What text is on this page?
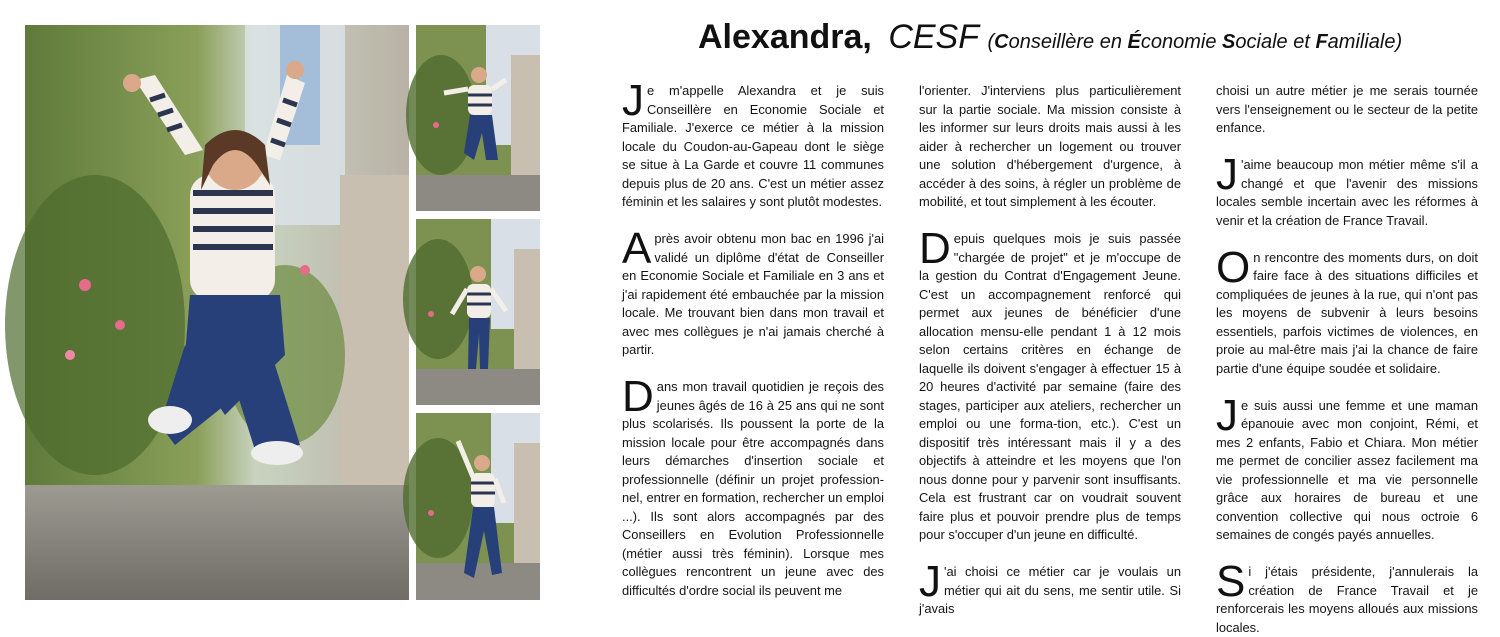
Alexandra, CESF (Conseillère en Économie Sociale et Familiale)

Je m'appelle Alexandra et je suis Conseillère en Economie Sociale et Familiale. J'exerce ce métier à la mission locale du Coudon-au-Gapeau dont le siège se situe à La Garde et couvre 11 communes depuis plus de 20 ans. C'est un métier assez féminin et les salaires y sont plutôt modestes.

Après avoir obtenu mon bac en 1996 j'ai validé un diplôme d'état de Conseiller en Economie Sociale et Familiale en 3 ans et j'ai rapidement été embauchée par la mission locale. Me trouvant bien dans mon travail et avec mes collègues je n'ai jamais cherché à partir.

Dans mon travail quotidien je reçois des jeunes âgés de 16 à 25 ans qui ne sont plus scolarisés. Ils poussent la porte de la mission locale pour être accompagnés dans leurs démarches d'insertion sociale et professionnelle (définir un projet profession-nel, entrer en formation, rechercher un emploi ...). Ils sont alors accompagnés par des Conseillers en Evolution Professionnelle (métier aussi très féminin). Lorsque mes collègues rencontrent un jeune avec des difficultés d'ordre social ils peuvent me

l'orienter. J'interviens plus particulièrement sur la partie sociale. Ma mission consiste à les informer sur leurs droits mais aussi à les aider à rechercher un logement ou trouver une solution d'hébergement d'urgence, à accéder à des soins, à régler un problème de mobilité, et tout simplement à les écouter.

Depuis quelques mois je suis passée "chargée de projet" et je m'occupe de la gestion du Contrat d'Engagement Jeune. C'est un accompagnement renforcé qui permet aux jeunes de bénéficier d'une allocation mensu-elle pendant 1 à 12 mois selon certains critères en échange de laquelle ils doivent s'engager à effectuer 15 à 20 heures d'activité par semaine (faire des stages, participer aux ateliers, rechercher un emploi ou une forma-tion, etc.). C'est un dispositif très intéressant mais il y a des objectifs à atteindre et les moyens que l'on nous donne pour y parvenir sont insuffisants. Cela est frustrant car on voudrait souvent faire plus et pouvoir prendre plus de temps pour s'occuper d'un jeune en difficulté.

J 'ai choisi ce métier car je voulais un métier qui ait du sens, me sentir utile. Si j'avais

choisi un autre métier je me serais tournée vers l'enseignement ou le secteur de la petite enfance.

J 'aime beaucoup mon métier même s'il a changé et que l'avenir des missions locales semble incertain avec les réformes à venir et la création de France Travail.

On rencontre des moments durs, on doit faire face à des situations difficiles et compliquées de jeunes à la rue, qui n'ont pas les moyens de subvenir à leurs besoins essentiels, parfois victimes de violences, en proie au mal-être mais j'ai la chance de faire partie d'une équipe soudée et solidaire.

Je suis aussi une femme et une maman épanouie avec mon conjoint, Rémi, et mes 2 enfants, Fabio et Chiara. Mon métier me permet de concilier assez facilement ma vie professionnelle et ma vie personnelle grâce aux horaires de bureau et une convention collective qui nous octroie 6 semaines de congés payés annuelles.

Si j'étais présidente, j'annulerais la création de France Travail et je renforcerais les moyens alloués aux missions locales.
